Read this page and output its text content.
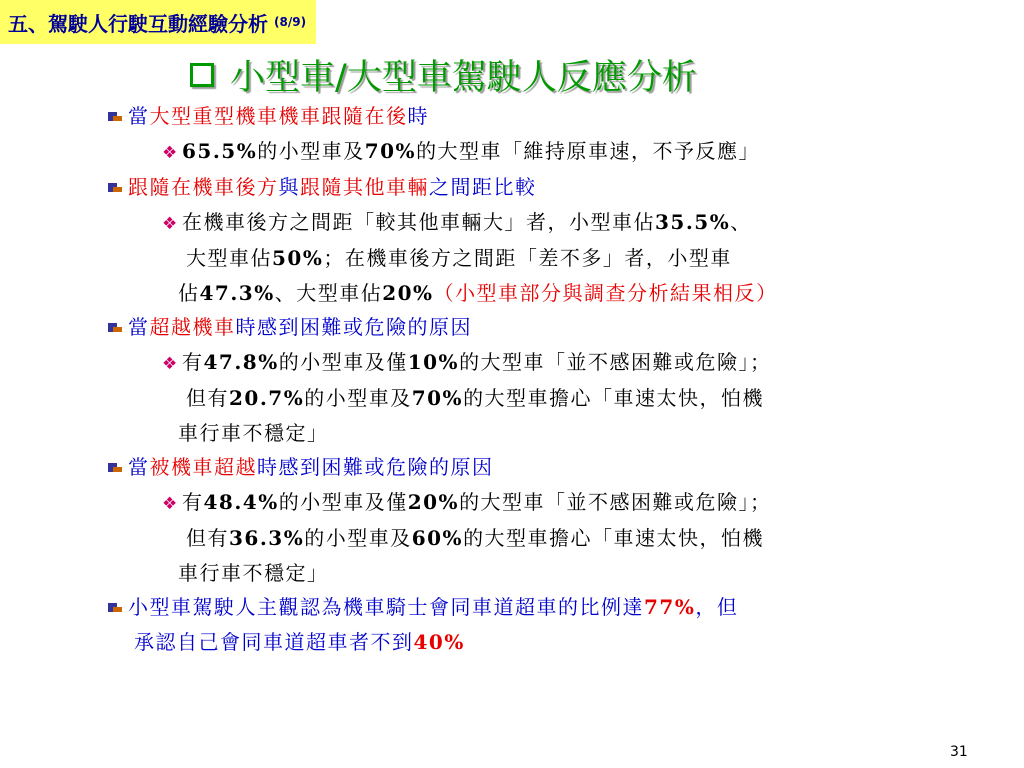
五、駕駛人行駛互動經驗分析 (8/9)
小型車/大型車駕駛人反應分析
當大型重型機車機車跟隨在後時
❖ 65.5%的小型車及70%的大型車「維持原車速，不予反應」
跟隨在機車後方與跟隨其他車輛之間距比較
❖ 在機車後方之間距「較其他車輛大」者，小型車佔35.5%、
大型車佔50%；在機車後方之間距「差不多」者，小型車
佔47.3%、大型車佔20%（小型車部分與調查分析結果相反）
當超越機車時感到困難或危險的原因
❖ 有47.8%的小型車及僅10%的大型車「並不感困難或危險」；
但有20.7%的小型車及70%的大型車擔心「車速太快，怕機
車行車不穩定」
當被機車超越時感到困難或危險的原因
❖ 有48.4%的小型車及僅20%的大型車「並不感困難或危險」；
但有36.3%的小型車及60%的大型車擔心「車速太快，怕機
車行車不穩定」
小型車駕駛人主觀認為機車騎士會同車道超車的比例達77%，但
承認自己會同車道超車者不到40%
31
